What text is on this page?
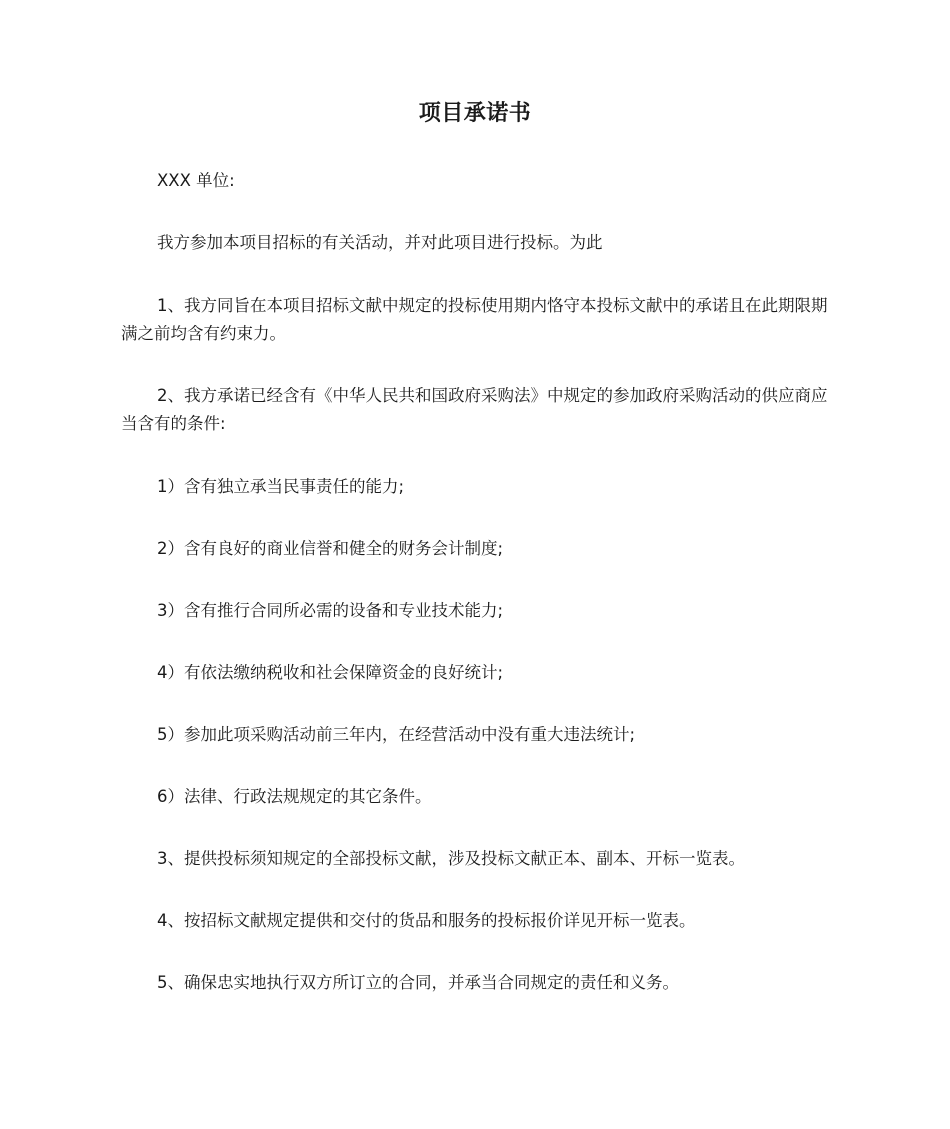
项目承诺书

XXX 单位:

我方参加本项目招标的有关活动，并对此项目进行投标。为此

1、我方同旨在本项目招标文献中规定的投标使用期内恪守本投标文献中的承诺且在此期限期满之前均含有约束力。

2、我方承诺已经含有《中华人民共和国政府采购法》中规定的参加政府采购活动的供应商应当含有的条件:

1）含有独立承当民事责任的能力;

2）含有良好的商业信誉和健全的财务会计制度;

3）含有推行合同所必需的设备和专业技术能力;

4）有依法缴纳税收和社会保障资金的良好统计;

5）参加此项采购活动前三年内，在经营活动中没有重大违法统计;

6）法律、行政法规规定的其它条件。

3、提供投标须知规定的全部投标文献，涉及投标文献正本、副本、开标一览表。

4、按招标文献规定提供和交付的货品和服务的投标报价详见开标一览表。

5、确保忠实地执行双方所订立的合同，并承当合同规定的责任和义务。
